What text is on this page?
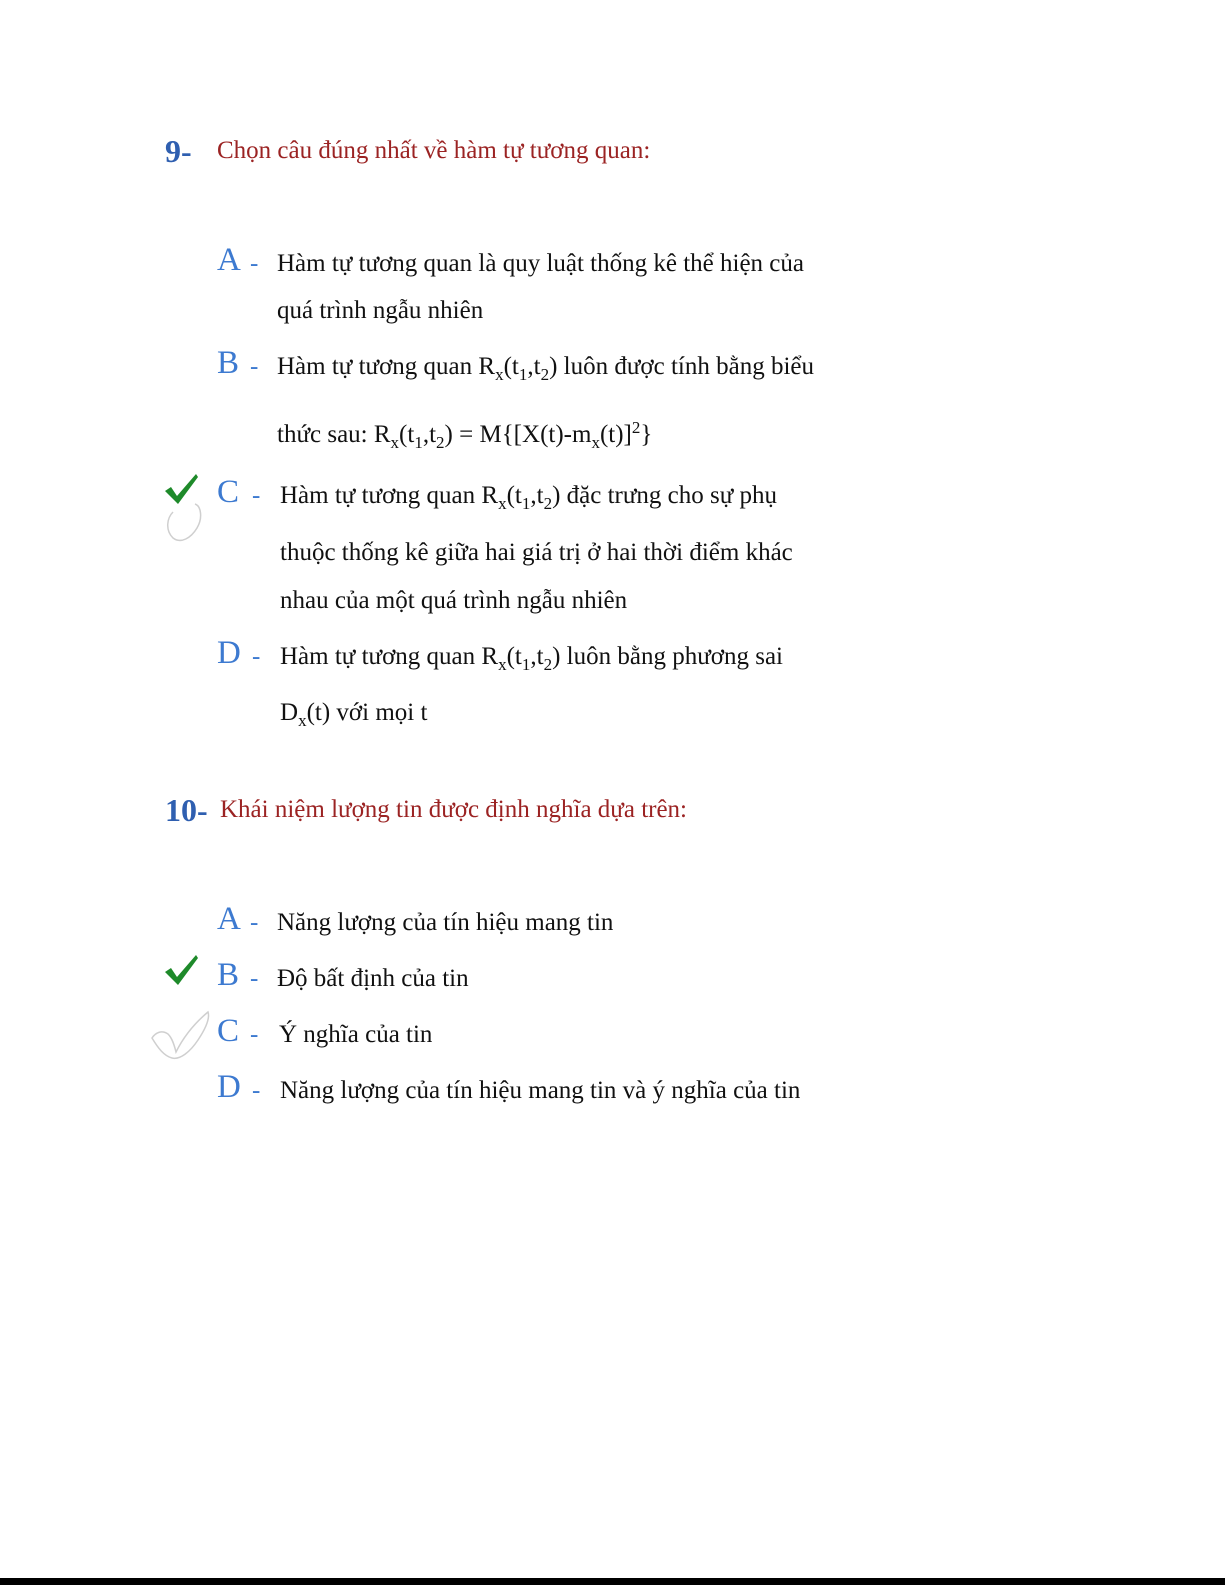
9- Chọn câu đúng nhất về hàm tự tương quan:
A - Hàm tự tương quan là quy luật thống kê thể hiện của
quá trình ngẫu nhiên
B - Hàm tự tương quan $R_x(t_1,t_2)$ luôn được tính bằng biểu
thức sau: $R_x(t_1,t_2) = M\{[X(t)-m_x(t)]^2\}$
C - Hàm tự tương quan $R_x(t_1,t_2)$ đặc trưng cho sự phụ
thuộc thống kê giữa hai giá trị ở hai thời điểm khác
nhau của một quá trình ngẫu nhiên
D - Hàm tự tương quan $R_x(t_1,t_2)$ luôn bằng phương sai
$D_x(t)$ với mọi t
10- Khái niệm lượng tin được định nghĩa dựa trên:
A - Năng lượng của tín hiệu mang tin
B - Độ bất định của tin
C - Ý nghĩa của tin
D - Năng lượng của tín hiệu mang tin và ý nghĩa của tin
